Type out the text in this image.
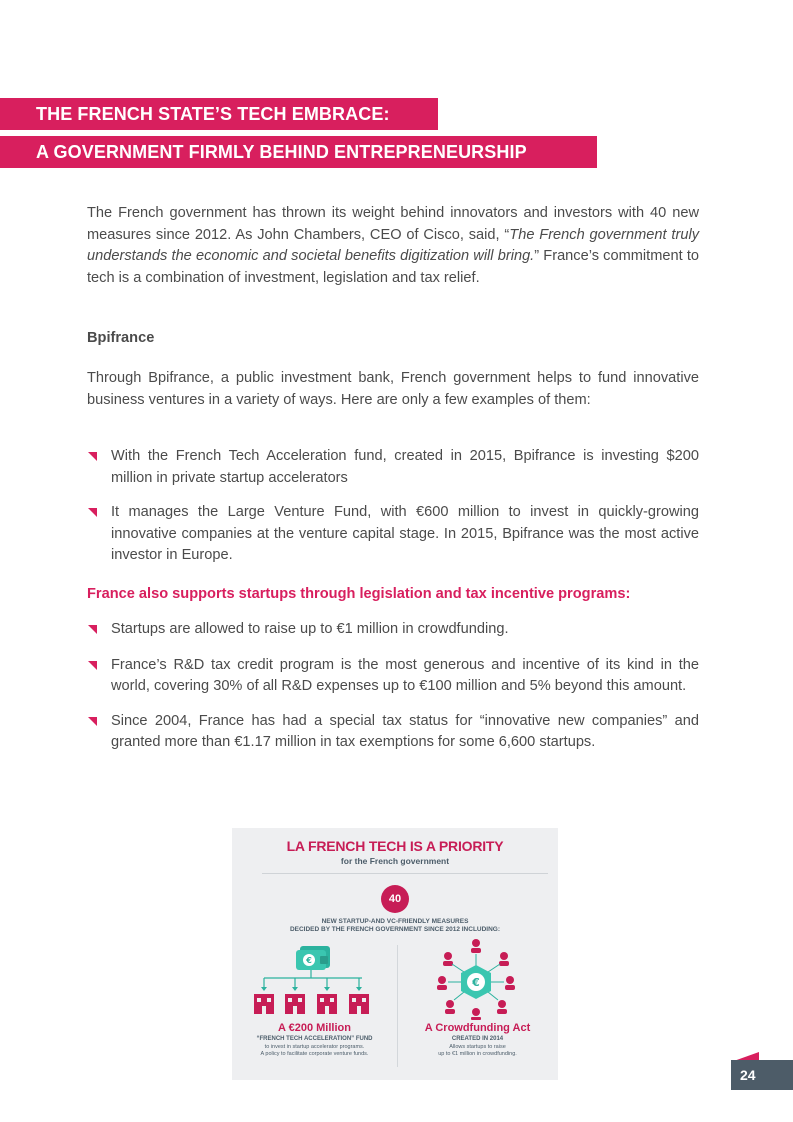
THE FRENCH STATE’S TECH EMBRACE:
A GOVERNMENT FIRMLY BEHIND ENTREPRENEURSHIP

The French government has thrown its weight behind innovators and investors with 40 new measures since 2012. As John Chambers, CEO of Cisco, said, “The French government truly understands the economic and societal benefits digitization will bring.” France’s commitment to tech is a combination of investment, legislation and tax relief.

Bpifrance

Through Bpifrance, a public investment bank, French government helps to fund innovative business ventures in a variety of ways. Here are only a few examples of them:

With the French Tech Acceleration fund, created in 2015, Bpifrance is investing $200 million in private startup accelerators
It manages the Large Venture Fund, with €600 million to invest in quickly-growing innovative companies at the venture capital stage. In 2015, Bpifrance was the most active investor in Europe.

France also supports startups through legislation and tax incentive programs:

Startups are allowed to raise up to €1 million in crowdfunding.
France’s R&D tax credit program is the most generous and incentive of its kind in the world, covering 30% of all R&D expenses up to €100 million and 5% beyond this amount.
Since 2004, France has had a special tax status for “innovative new companies” and granted more than €1.17 million in tax exemptions for some 6,600 startups.
LA FRENCH TECH IS A PRIORITY
for the French government
40
NEW STARTUP-AND VC-FRIENDLY MEASURES
DECIDED BY THE FRENCH GOVERNMENT SINCE 2012 INCLUDING:
€
€
A €200 Million
“FRENCH TECH ACCELERATION” FUND
to invest in startup accelerator programs.
A policy to facilitate corporate venture funds.
A Crowdfunding Act
CREATED IN 2014
Allows startups to raise
up to €1 million in crowdfunding.
24
